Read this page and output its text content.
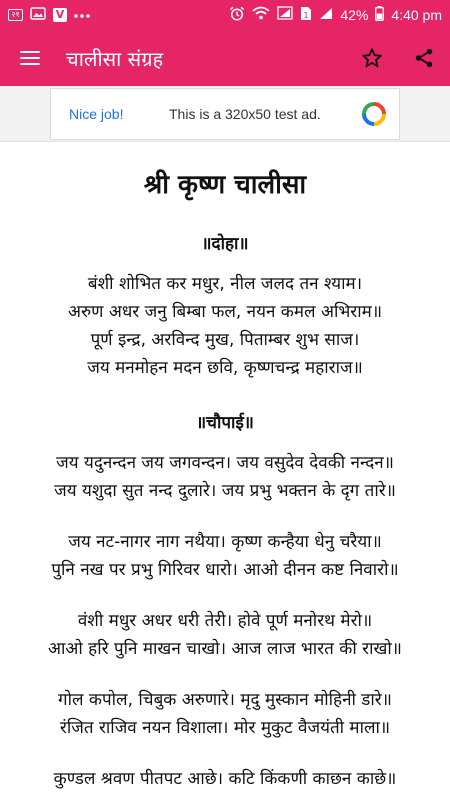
२१	V	1 42% 4:40 pm
चालीसा संग्रह
Nice job!	This is a 320x50 test ad.
श्री कृष्ण चालीसा
॥दोहा॥
बंशी शोभित कर मधुर, नील जलद तन श्याम।
अरुण अधर जनु बिम्बा फल, नयन कमल अभिराम॥
पूर्ण इन्द्र, अरविन्द मुख, पिताम्बर शुभ साज।
जय मनमोहन मदन छवि, कृष्णचन्द्र महाराज॥
॥चौपाई॥
जय यदुनन्दन जय जगवन्दन। जय वसुदेव देवकी नन्दन॥
जय यशुदा सुत नन्द दुलारे। जय प्रभु भक्तन के दृग तारे॥
जय नट-नागर नाग नथैया। कृष्ण कन्हैया धेनु चरैया॥
पुनि नख पर प्रभु गिरिवर धारो। आओ दीनन कष्ट निवारो॥
वंशी मधुर अधर धरी तेरी। होवे पूर्ण मनोरथ मेरो॥
आओ हरि पुनि माखन चाखो। आज लाज भारत की राखो॥
गोल कपोल, चिबुक अरुणारे। मृदु मुस्कान मोहिनी डारे॥
रंजित राजिव नयन विशाला। मोर मुकुट वैजयंती माला॥
कुण्डल श्रवण पीतपट आछे। कटि किंकणी काछन काछे॥
